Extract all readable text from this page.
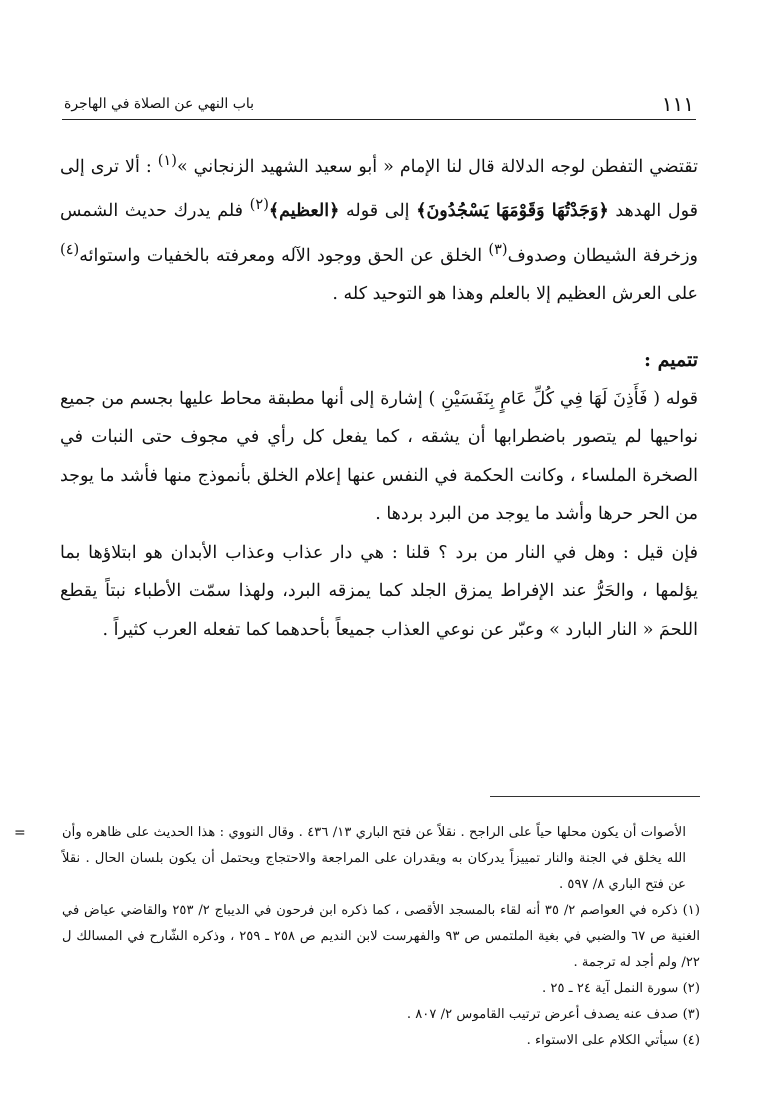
١١١
باب النهي عن الصلاة في الهاجرة

تقتضي التفطن لوجه الدلالة قال لنا الإمام « أبو سعيد الشهيد الزنجاني »$^{(١)}$ : ألا ترى إلى قول الهدهد ﴿وَجَدْتُهَا وَقَوْمَهَا يَسْجُدُونَ﴾ إلى قوله ﴿العظيم﴾$^{(٢)}$ فلم يدرك حديث الشمس وزخرفة الشيطان وصدوف$^{(٣)}$ الخلق عن الحق ووجود الآله ومعرفته بالخفيات واستوائه$^{(٤)}$ على العرش العظيم إلا بالعلم وهذا هو التوحيد كله .

تتميم :

قوله ( فَأَذِنَ لَهَا فِي كُلِّ عَامٍ بِنَفَسَيْنِ ) إشارة إلى أنها مطبقة محاط عليها بجسم من جميع نواحيها لم يتصور باضطرابها أن يشقه ، كما يفعل كل رأي في مجوف حتى النبات في الصخرة الملساء ، وكانت الحكمة في النفس عنها إعلام الخلق بأنموذج منها فأشد ما يوجد من الحر حرها وأشد ما يوجد من البرد بردها .

فإن قيل : وهل في النار من برد ؟ قلنا : هي دار عذاب وعذاب الأبدان هو ابتلاؤها بما يؤلمها ، والحَرُّ عند الإفراط يمزق الجلد كما يمزقه البرد، ولهذا سمّت الأطباء نبتاً يقطع اللحمَ « النار البارد » وعبّر عن نوعي العذاب جميعاً بأحدهما كما تفعله العرب كثيراً .

=	الأصوات أن يكون محلها حياً على الراجح . نقلاً عن فتح الباري ١٣/ ٤٣٦ . وقال النووي : هذا الحديث على ظاهره وأن الله يخلق في الجنة والنار تمييزاً يدركان به ويقدران على المراجعة والاحتجاج ويحتمل أن يكون بلسان الحال . نقلاً عن فتح الباري ٨/ ٥٩٧ .

(١) ذكره في العواصم ٢/ ٣٥ أنه لقاء بالمسجد الأقصى ، كما ذكره ابن فرحون في الديباج ٢/ ٢٥٣ والقاضي عياض في الغنية ص ٦٧ والضبي في بغية الملتمس ص ٩٣ والفهرست لابن النديم ص ٢٥٨ ـ ٢٥٩ ، وذكره الشّارح في المسالك ل ٢٢/ ولم أجد له ترجمة .

(٢) سورة النمل آية ٢٤ ـ ٢٥ .

(٣) صدف عنه يصدف أعرض ترتيب القاموس ٢/ ٨٠٧ .

(٤) سيأتي الكلام على الاستواء .
